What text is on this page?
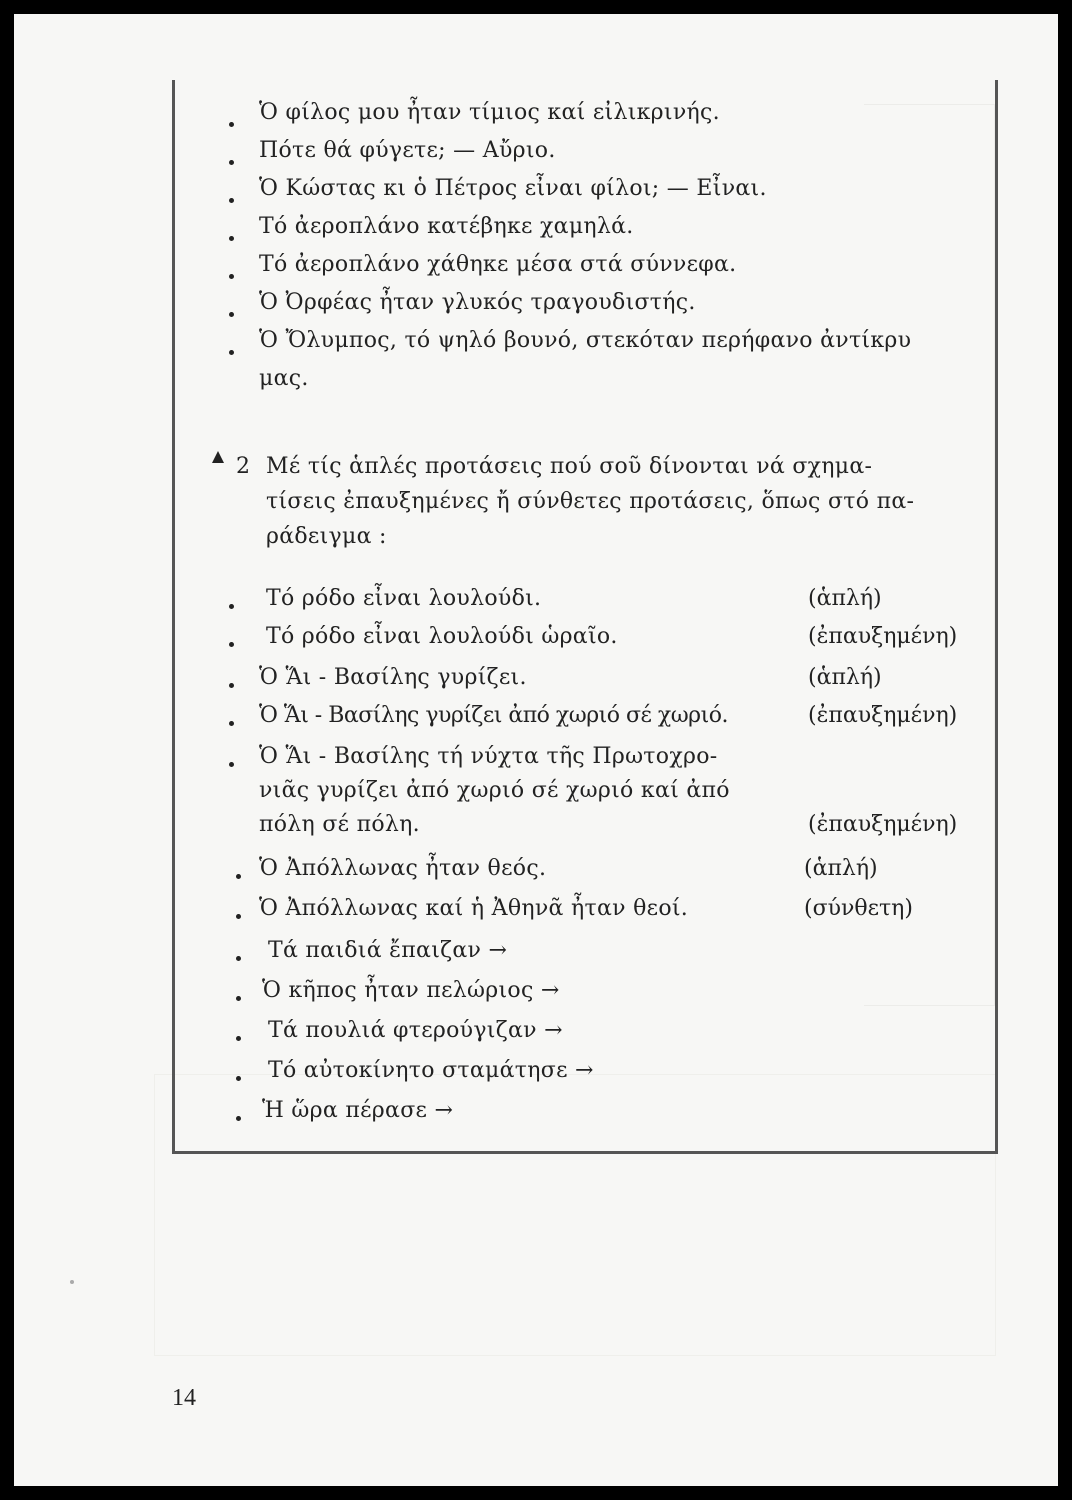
Ὁ φίλος μου ἦταν τίμιος καί εἰλικρινής.

Πότε θά φύγετε; — Αὔριο.

Ὁ Κώστας κι ὁ Πέτρος εἶναι φίλοι; — Εἶναι.

Τό ἀεροπλάνο κατέβηκε χαμηλά.

Τό ἀεροπλάνο χάθηκε μέσα στά σύννεφα.

Ὁ Ὀρφέας ἦταν γλυκός τραγουδιστής.

Ὁ Ὄλυμπος, τό ψηλό βουνό, στεκόταν περήφανο ἀντίκρυ

μας.

2 Μέ τίς ἁπλές προτάσεις πού σοῦ δίνονται νά σχημα-

τίσεις ἐπαυξημένες ἤ σύνθετες προτάσεις, ὅπως στό πα-

ράδειγμα :

Τό ρόδο εἶναι λουλούδι.	(ἁπλή)

Τό ρόδο εἶναι λουλούδι ὡραῖο.	(ἐπαυξημένη)

Ὁ Ἅι - Βασίλης γυρίζει.	(ἁπλή)

Ὁ Ἅι - Βασίλης γυρίζει ἀπό χωριό σέ χωριό.	(ἐπαυξημένη)

Ὁ Ἅι - Βασίλης τή νύχτα τῆς Πρωτοχρο-

νιᾶς γυρίζει ἀπό χωριό σέ χωριό καί ἀπό

πόλη σέ πόλη.	(ἐπαυξημένη)

Ὁ Ἀπόλλωνας ἦταν θεός.	(ἁπλή)

Ὁ Ἀπόλλωνας καί ἡ Ἀθηνᾶ ἦταν θεοί.	(σύνθετη)

Τά παιδιά ἔπαιζαν →

Ὁ κῆπος ἦταν πελώριος →

Τά πουλιά φτερούγιζαν →

Τό αὐτοκίνητο σταμάτησε →

Ἡ ὥρα πέρασε →

14
